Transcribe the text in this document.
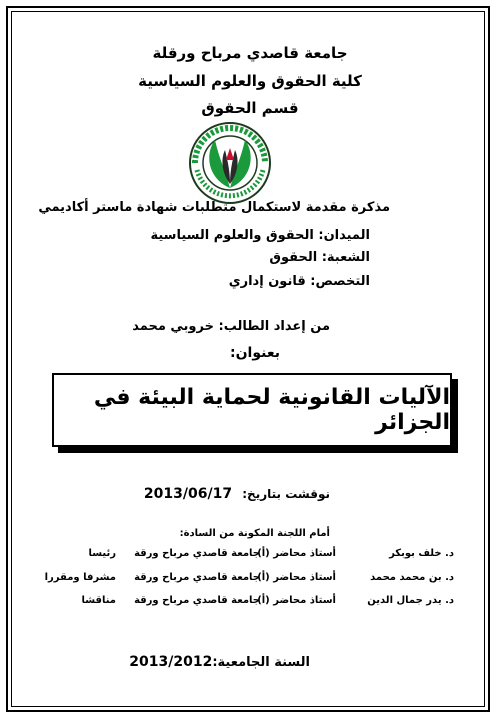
جامعة قاصدي مرباح ورقلة
كلية الحقوق والعلوم السياسية
قسم الحقوق
مذكرة مقدمة لاستكمال متطلبات شهادة ماستر أكاديمي
الميدان: الحقوق والعلوم السياسية
الشعبة: الحقوق
التخصص: قانون إداري
من إعداد الطالب: خروبي محمد
بعنوان:
الآليات القانونية لحماية البيئة في الجزائر
نوقشت بتاريخ: 2013/06/17
أمام اللجنة المكونة من السادة:
د. خلف بوبكر
أستاذ محاضر (أ)
جامعة قاصدي مرباح ورقة
رئيسا
د. بن محمد محمد
أستاذ محاضر (أ)
جامعة قاصدي مرباح ورقة
مشرفا ومقررا
د. يدر جمال الدين
أستاذ محاضر (أ)
جامعة قاصدي مرباح ورقة
مناقشا
السنة الجامعية:2013/2012
